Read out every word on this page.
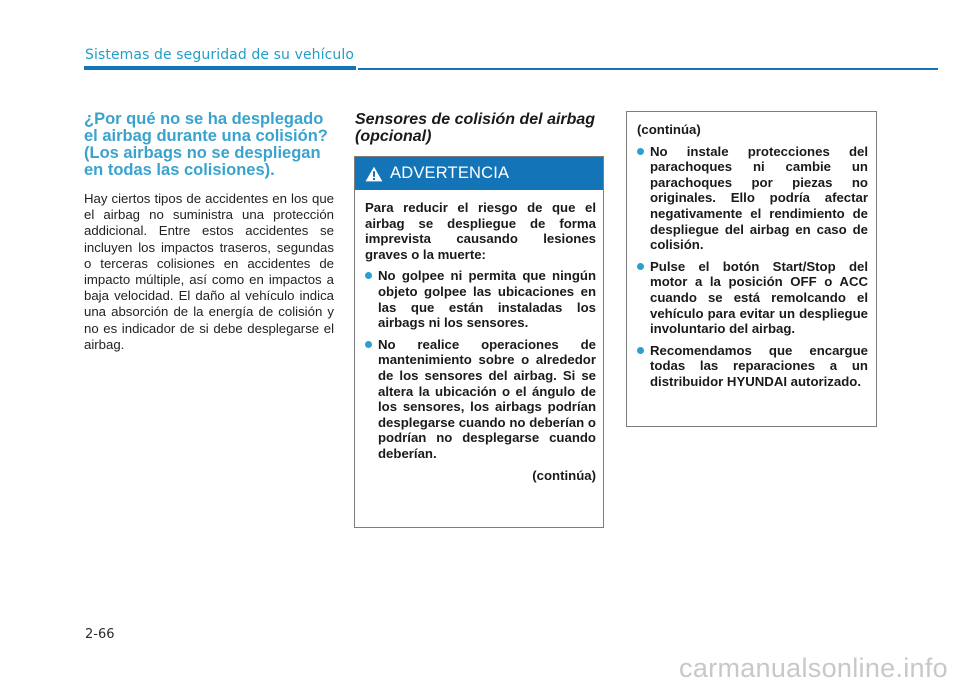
Sistemas de seguridad de su vehículo
¿Por qué no se ha desplegado el airbag durante una colisión? (Los airbags no se despliegan en todas las colisiones).

Hay ciertos tipos de accidentes en los que el airbag no suministra una protección addicional. Entre estos accidentes se incluyen los impactos traseros, segundas o terceras colisiones en accidentes de impacto múltiple, así como en impactos a baja velocidad. El daño al vehículo indica una absorción de la energía de colisión y no es indicador de si debe desplegarse el airbag.

Sensores de colisión del airbag (opcional)
ADVERTENCIA

Para reducir el riesgo de que el airbag se despliegue de forma imprevista causando lesiones graves o la muerte:

No golpee ni permita que ningún objeto golpee las ubicaciones en las que están instaladas los airbags ni los sensores.
No realice operaciones de mantenimiento sobre o alrededor de los sensores del airbag. Si se altera la ubicación o el ángulo de los sensores, los airbags podrían desplegarse cuando no deberían o podrían no desplegarse cuando deberían.

(continúa)

(continúa)

No instale protecciones del parachoques ni cambie un parachoques por piezas no originales. Ello podría afectar negativamente el rendimiento de despliegue del airbag en caso de colisión.
Pulse el botón Start/Stop del motor a la posición OFF o ACC cuando se está remolcando el vehículo para evitar un despliegue involuntario del airbag.
Recomendamos que encargue todas las reparaciones a un distribuidor HYUNDAI autorizado.
2-66
carmanualsonline.info
